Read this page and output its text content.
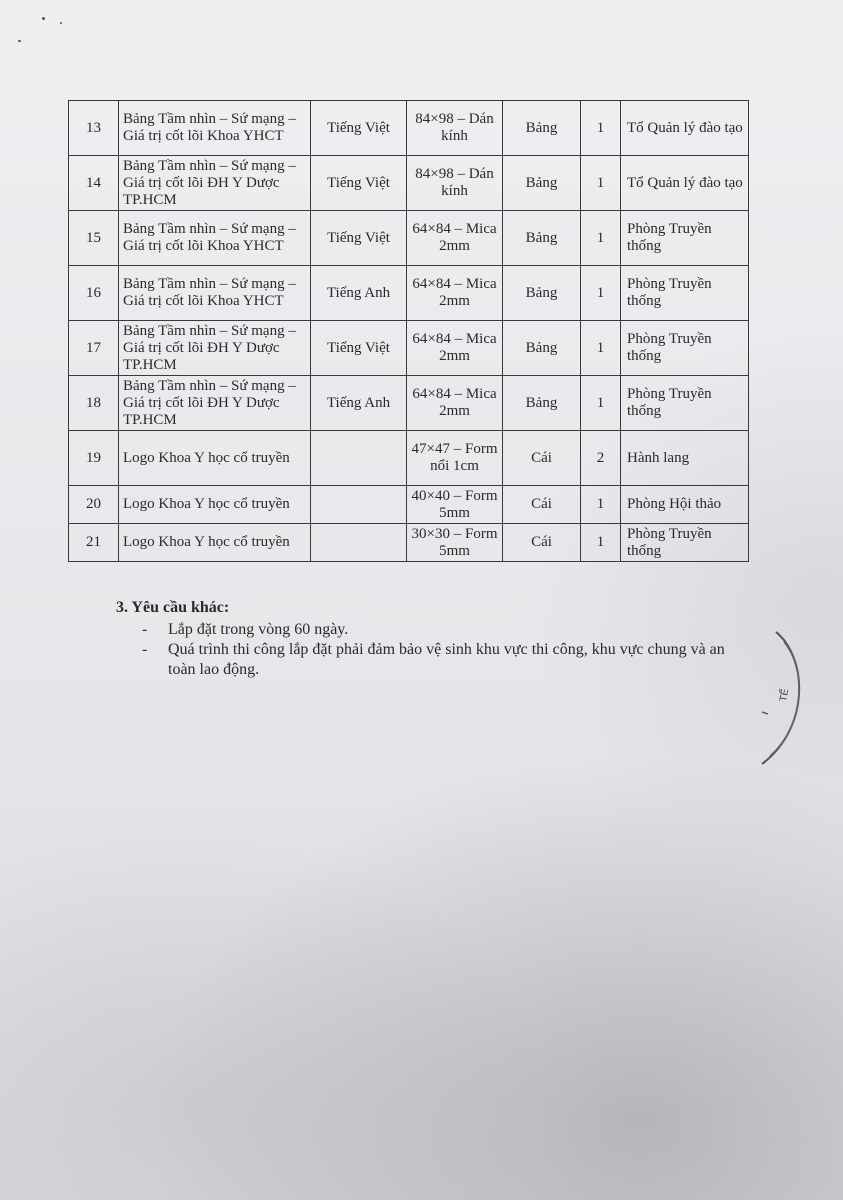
13	Bảng Tầm nhìn – Sứ mạng – Giá trị cốt lõi Khoa YHCT	Tiếng Việt	84×98 – Dán kính	Bảng	1	Tổ Quản lý đào tạo
14	Bảng Tầm nhìn – Sứ mạng – Giá trị cốt lõi ĐH Y Dược TP.HCM	Tiếng Việt	84×98 – Dán kính	Bảng	1	Tổ Quản lý đào tạo
15	Bảng Tầm nhìn – Sứ mạng – Giá trị cốt lõi Khoa YHCT	Tiếng Việt	64×84 – Mica 2mm	Bảng	1	Phòng Truyền thống
16	Bảng Tầm nhìn – Sứ mạng – Giá trị cốt lõi Khoa YHCT	Tiếng Anh	64×84 – Mica 2mm	Bảng	1	Phòng Truyền thống
17	Bảng Tầm nhìn – Sứ mạng – Giá trị cốt lõi ĐH Y Dược TP.HCM	Tiếng Việt	64×84 – Mica 2mm	Bảng	1	Phòng Truyền thống
18	Bảng Tầm nhìn – Sứ mạng – Giá trị cốt lõi ĐH Y Dược TP.HCM	Tiếng Anh	64×84 – Mica 2mm	Bảng	1	Phòng Truyền thống
19	Logo Khoa Y học cổ truyền		47×47 – Form nổi 1cm	Cái	2	Hành lang
20	Logo Khoa Y học cổ truyền		40×40 – Form 5mm	Cái	1	Phòng Hội thảo
21	Logo Khoa Y học cổ truyền		30×30 – Form 5mm	Cái	1	Phòng Truyền thống

3. Yêu cầu khác:

-	Lắp đặt trong vòng 60 ngày.
-	Quá trình thi công lắp đặt phải đảm bảo vệ sinh khu vực thi công, khu vực chung và an toàn lao động.
TẾ
